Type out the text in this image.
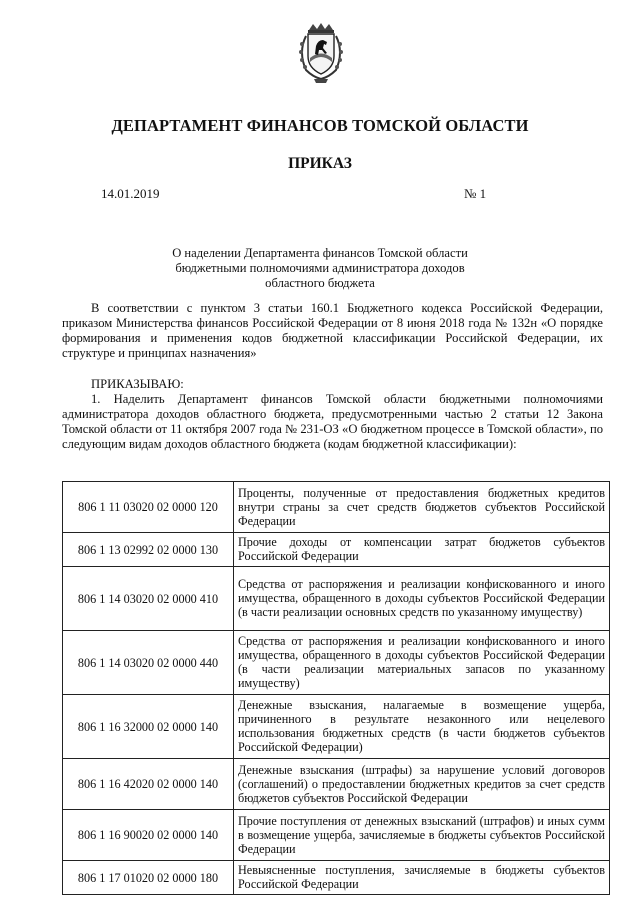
ДЕПАРТАМЕНТ ФИНАНСОВ ТОМСКОЙ ОБЛАСТИ
ПРИКАЗ
14.01.2019	№ 1
О наделении Департамента финансов Томской области бюджетными полномочиями администратора доходов областного бюджета

В соответствии с пунктом 3 статьи 160.1 Бюджетного кодекса Российской Федерации, приказом Министерства финансов Российской Федерации от 8 июня 2018 года № 132н «О порядке формирования и применения кодов бюджетной классификации Российской Федерации, их структуре и принципах назначения»

ПРИКАЗЫВАЮ:

1. Наделить Департамент финансов Томской области бюджетными полномочиями администратора доходов областного бюджета, предусмотренными частью 2 статьи 12 Закона Томской области от 11 октября 2007 года № 231-ОЗ «О бюджетном процессе в Томской области», по следующим видам доходов областного бюджета (кодам бюджетной классификации):

806 1 11 03020 02 0000 120	Проценты, полученные от предоставления бюджетных кредитов внутри страны за счет средств бюджетов субъектов Российской Федерации
806 1 13 02992 02 0000 130	Прочие доходы от компенсации затрат бюджетов субъектов Российской Федерации
806 1 14 03020 02 0000 410	Средства от распоряжения и реализации конфискованного и иного имущества, обращенного в доходы субъектов Российской Федерации (в части реализации основных средств по указанному имуществу)
806 1 14 03020 02 0000 440	Средства от распоряжения и реализации конфискованного и иного имущества, обращенного в доходы субъектов Российской Федерации (в части реализации материальных запасов по указанному имуществу)
806 1 16 32000 02 0000 140	Денежные взыскания, налагаемые в возмещение ущерба, причиненного в результате незаконного или нецелевого использования бюджетных средств (в части бюджетов субъектов Российской Федерации)
806 1 16 42020 02 0000 140	Денежные взыскания (штрафы) за нарушение условий договоров (соглашений) о предоставлении бюджетных кредитов за счет средств бюджетов субъектов Российской Федерации
806 1 16 90020 02 0000 140	Прочие поступления от денежных взысканий (штрафов) и иных сумм в возмещение ущерба, зачисляемые в бюджеты субъектов Российской Федерации
806 1 17 01020 02 0000 180	Невыясненные поступления, зачисляемые в бюджеты субъектов Российской Федерации
